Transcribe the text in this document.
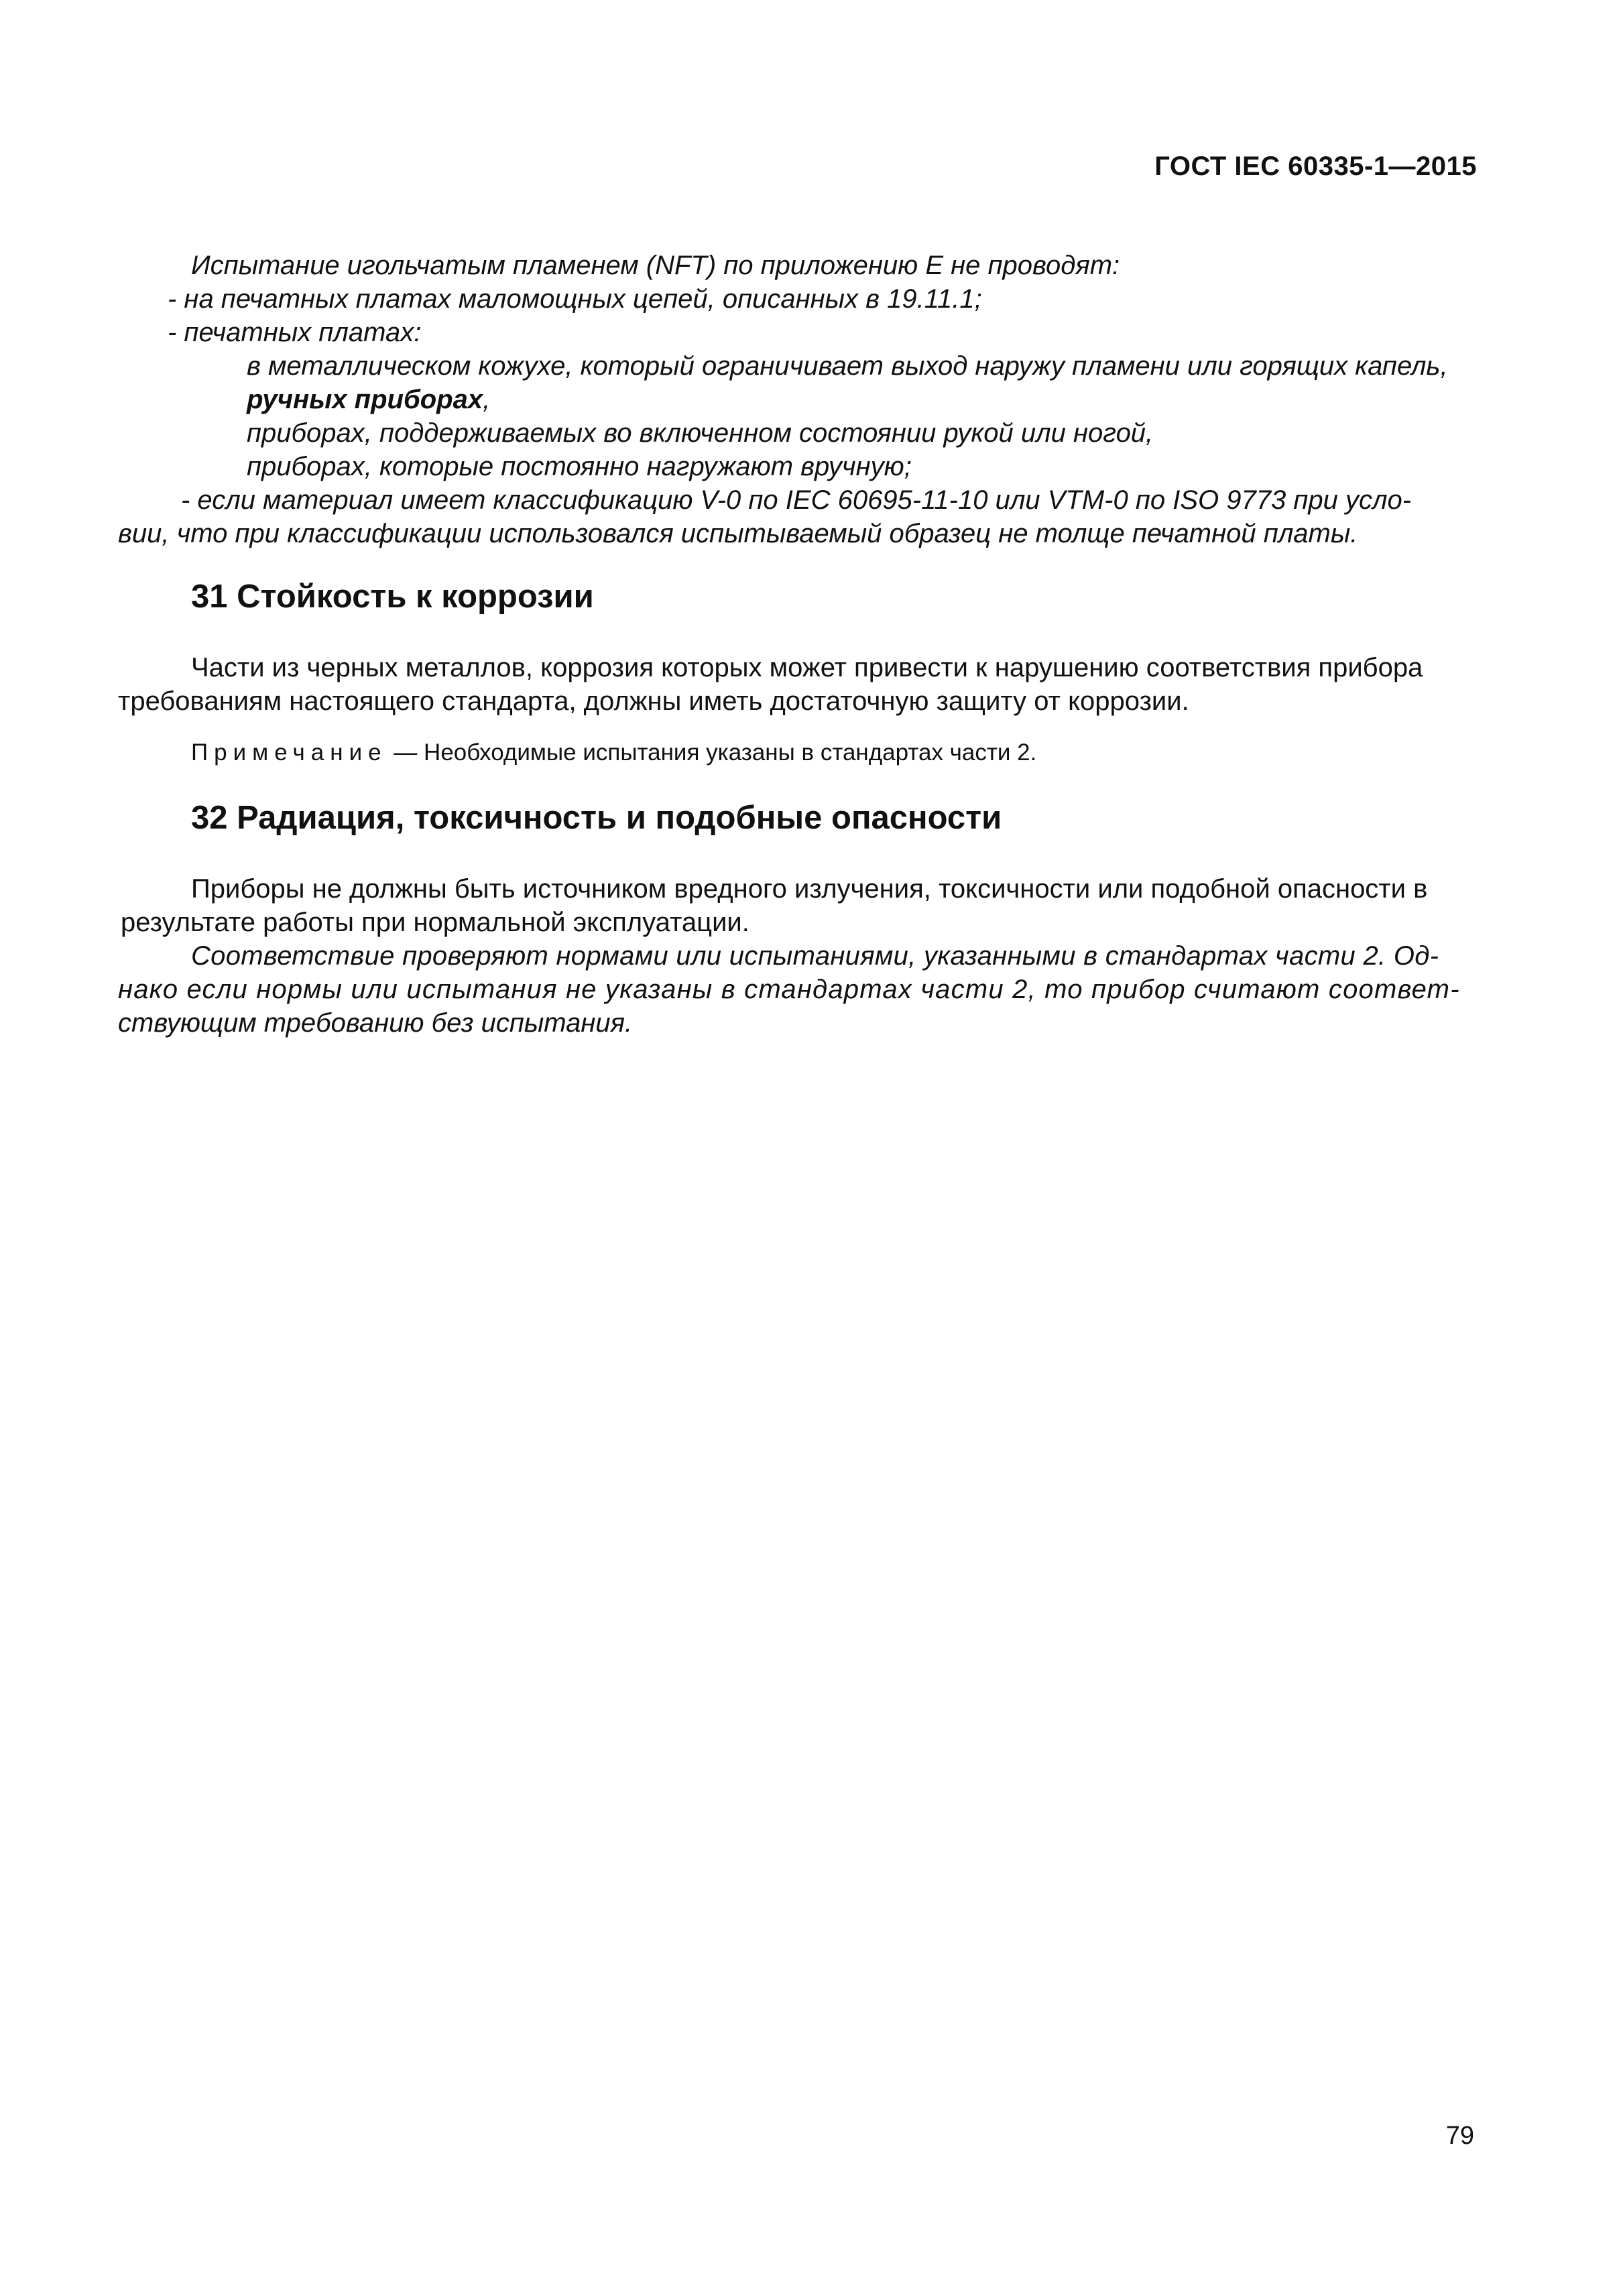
ГОСТ IEC 60335-1—2015
Испытание игольчатым пламенем (NFT) по приложению E не проводят:
- на печатных платах маломощных цепей, описанных в 19.11.1;
- печатных платах:
в металлическом кожухе, который ограничивает выход наружу пламени или горящих капель,
ручных приборах,
приборах, поддерживаемых во включенном состоянии рукой или ногой,
приборах, которые постоянно нагружают вручную;
- если материал имеет классификацию V-0 по IEC 60695-11-10 или VTM-0 по ISO 9773 при усло-
вии, что при классификации использовался испытываемый образец не толще печатной платы.
31 Стойкость к коррозии
Части из черных металлов, коррозия которых может привести к нарушению соответствия прибора
требованиям настоящего стандарта, должны иметь достаточную защиту от коррозии.
Примечание — Необходимые испытания указаны в стандартах части 2.
32 Радиация, токсичность и подобные опасности
Приборы не должны быть источником вредного излучения, токсичности или подобной опасности в
результате работы при нормальной эксплуатации.
Соответствие проверяют нормами или испытаниями, указанными в стандартах части 2. Од-
нако если нормы или испытания не указаны в стандартах части 2, то прибор считают соответ-
ствующим требованию без испытания.
79
